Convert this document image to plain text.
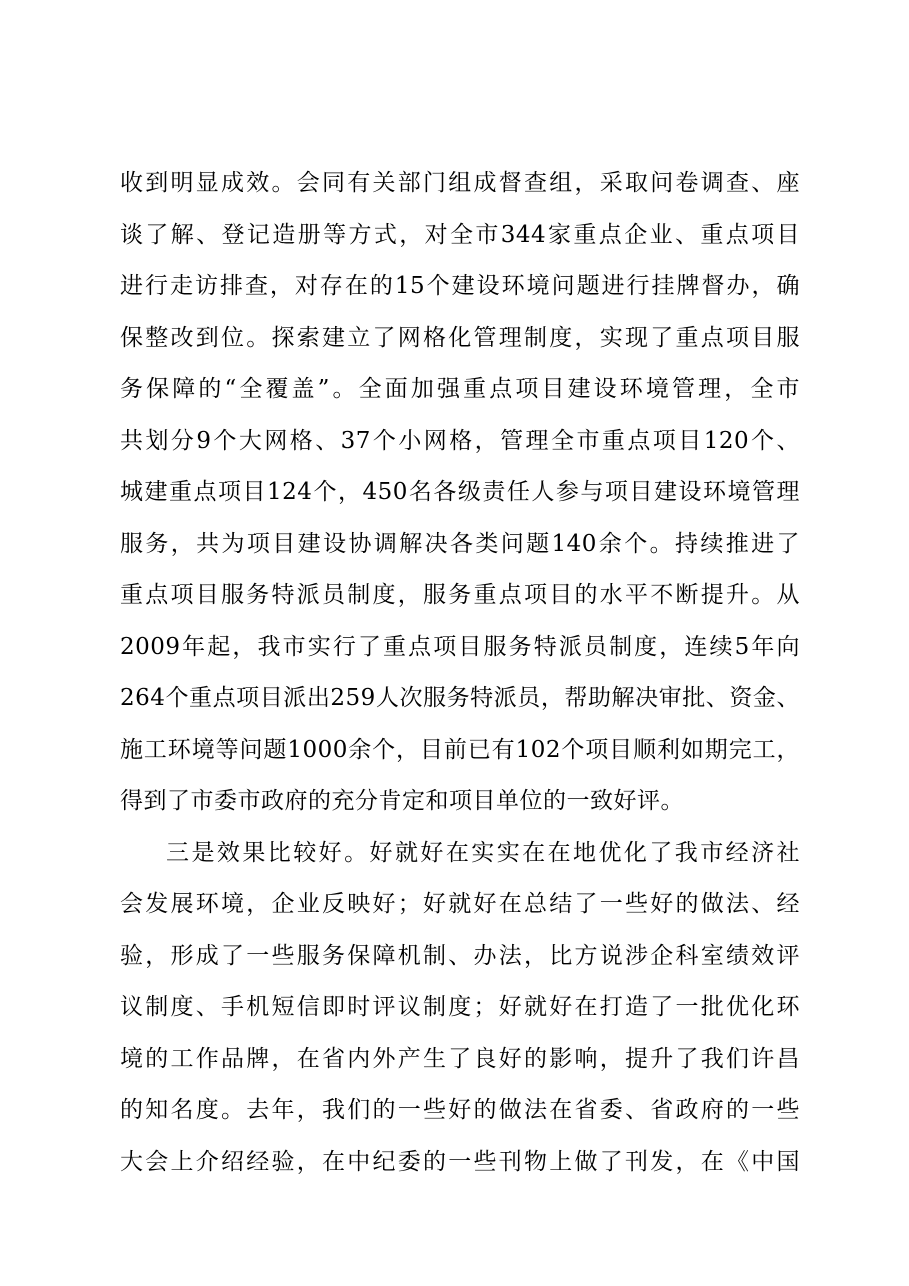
收到明显成效。会同有关部门组成督查组，采取问卷调查、座
谈了解、登记造册等方式，对全市344家重点企业、重点项目
进行走访排查，对存在的15个建设环境问题进行挂牌督办，确
保整改到位。探索建立了网格化管理制度，实现了重点项目服
务保障的“全覆盖”。全面加强重点项目建设环境管理，全市
共划分9个大网格、37个小网格，管理全市重点项目120个、
城建重点项目124个，450名各级责任人参与项目建设环境管理
服务，共为项目建设协调解决各类问题140余个。持续推进了
重点项目服务特派员制度，服务重点项目的水平不断提升。从
2009年起，我市实行了重点项目服务特派员制度，连续5年向
264个重点项目派出259人次服务特派员，帮助解决审批、资金、
施工环境等问题1000余个，目前已有102个项目顺利如期完工，
得到了市委市政府的充分肯定和项目单位的一致好评。
三是效果比较好。好就好在实实在在地优化了我市经济社
会发展环境，企业反映好；好就好在总结了一些好的做法、经
验，形成了一些服务保障机制、办法，比方说涉企科室绩效评
议制度、手机短信即时评议制度；好就好在打造了一批优化环
境的工作品牌，在省内外产生了良好的影响，提升了我们许昌
的知名度。去年，我们的一些好的做法在省委、省政府的一些
大会上介绍经验，在中纪委的一些刊物上做了刊发，在《中国
